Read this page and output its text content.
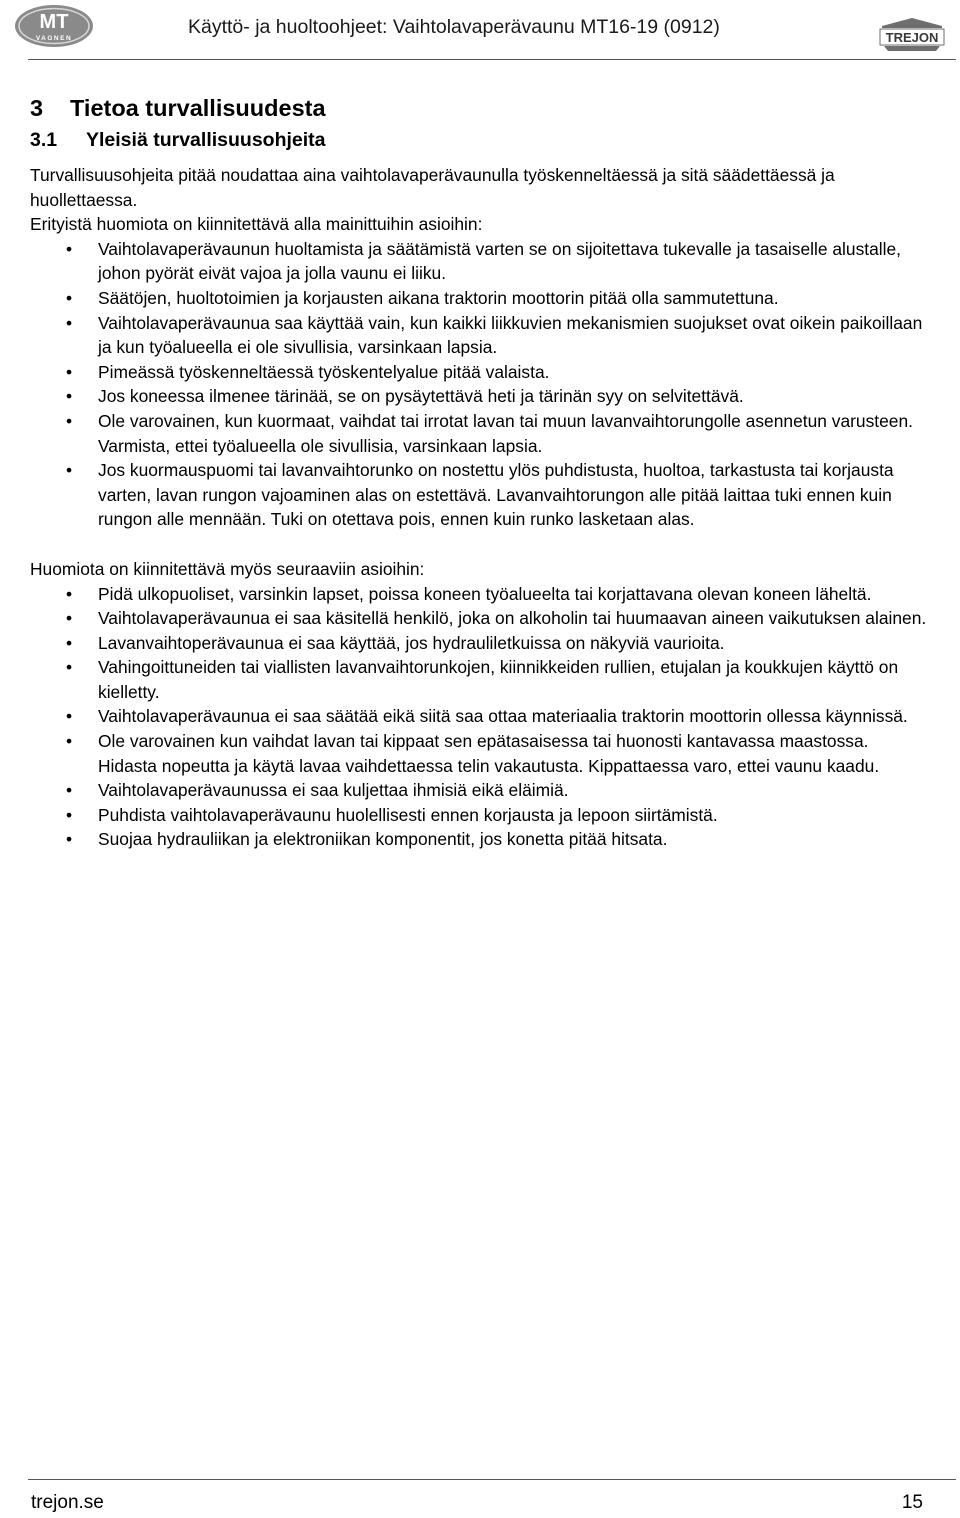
MT
VAGNEN
Käyttö- ja huoltoohjeet: Vaihtolavaperävaunu MT16-19 (0912)	TREJON
3 Tietoa turvallisuudesta
3.1 Yleisiä turvallisuusohjeita

Turvallisuusohjeita pitää noudattaa aina vaihtolavaperävaunulla työskenneltäessä ja sitä säädettäessä ja huollettaessa.

Erityistä huomiota on kiinnitettävä alla mainittuihin asioihin:

• Vaihtolavaperävaunun huoltamista ja säätämistä varten se on sijoitettava tukevalle ja tasaiselle alustalle, johon pyörät eivät vajoa ja jolla vaunu ei liiku.
• Säätöjen, huoltotoimien ja korjausten aikana traktorin moottorin pitää olla sammutettuna.
• Vaihtolavaperävaunua saa käyttää vain, kun kaikki liikkuvien mekanismien suojukset ovat oikein paikoillaan ja kun työalueella ei ole sivullisia, varsinkaan lapsia.
• Pimeässä työskenneltäessä työskentelyalue pitää valaista.
• Jos koneessa ilmenee tärinää, se on pysäytettävä heti ja tärinän syy on selvitettävä.
• Ole varovainen, kun kuormaat, vaihdat tai irrotat lavan tai muun lavanvaihtorungolle asennetun varusteen. Varmista, ettei työalueella ole sivullisia, varsinkaan lapsia.
• Jos kuormauspuomi tai lavanvaihtorunko on nostettu ylös puhdistusta, huoltoa, tarkastusta tai korjausta varten, lavan rungon vajoaminen alas on estettävä. Lavanvaihtorungon alle pitää laittaa tuki ennen kuin rungon alle mennään. Tuki on otettava pois, ennen kuin runko lasketaan alas.

Huomiota on kiinnitettävä myös seuraaviin asioihin:

• Pidä ulkopuoliset, varsinkin lapset, poissa koneen työalueelta tai korjattavana olevan koneen läheltä.
• Vaihtolavaperävaunua ei saa käsitellä henkilö, joka on alkoholin tai huumaavan aineen vaikutuksen alainen.
• Lavanvaihtoperävaunua ei saa käyttää, jos hydrauliletkuissa on näkyviä vaurioita.
• Vahingoittuneiden tai viallisten lavanvaihtorunkojen, kiinnikkeiden rullien, etujalan ja koukkujen käyttö on kielletty.
• Vaihtolavaperävaunua ei saa säätää eikä siitä saa ottaa materiaalia traktorin moottorin ollessa käynnissä.
• Ole varovainen kun vaihdat lavan tai kippaat sen epätasaisessa tai huonosti kantavassa maastossa. Hidasta nopeutta ja käytä lavaa vaihdettaessa telin vakautusta. Kippattaessa varo, ettei vaunu kaadu.
• Vaihtolavaperävaunussa ei saa kuljettaa ihmisiä eikä eläimiä.
• Puhdista vaihtolavaperävaunu huolellisesti ennen korjausta ja lepoon siirtämistä.
• Suojaa hydrauliikan ja elektroniikan komponentit, jos konetta pitää hitsata.
trejon.se	15
